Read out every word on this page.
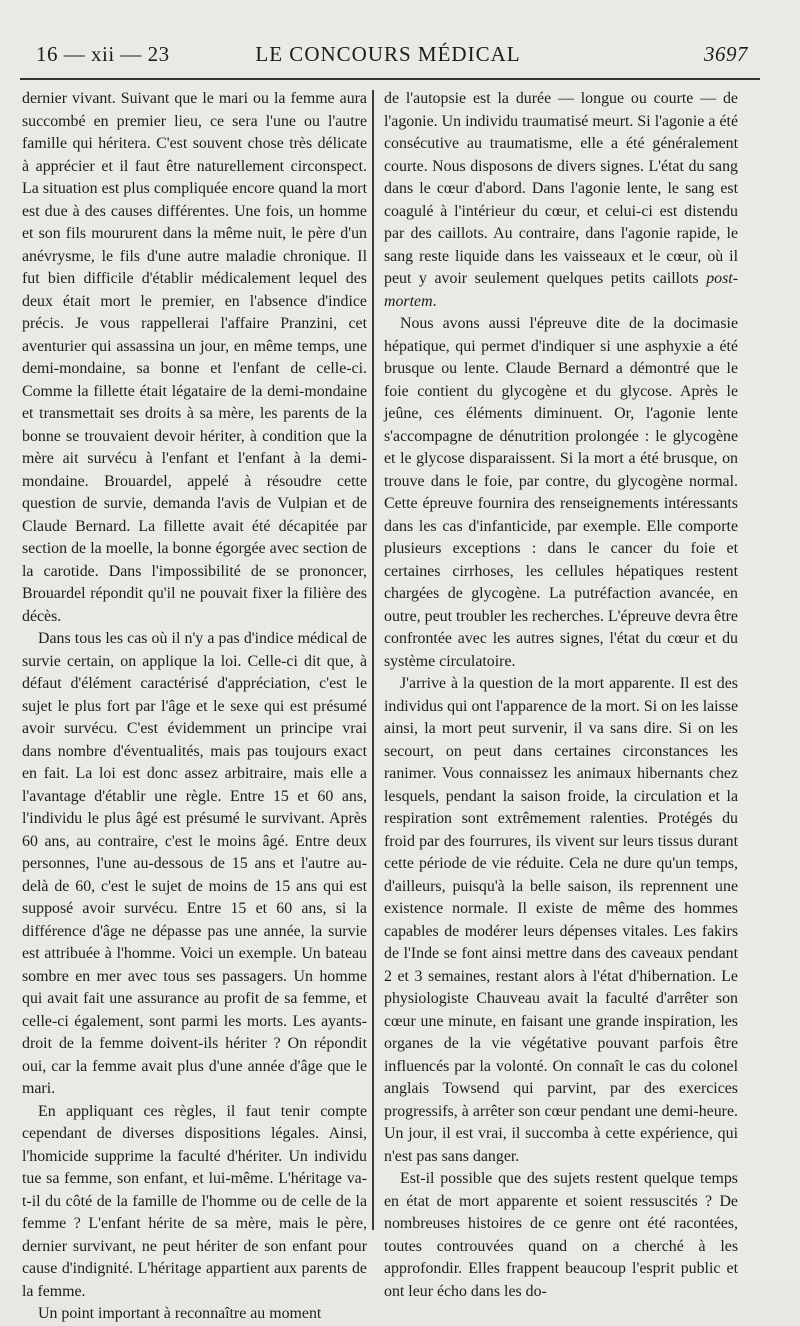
16 — xii — 23	LE CONCOURS MÉDICAL	3697

dernier vivant. Suivant que le mari ou la femme aura succombé en premier lieu, ce sera l'une ou l'autre famille qui héritera. C'est souvent chose très délicate à apprécier et il faut être naturellement circonspect. La situation est plus compliquée encore quand la mort est due à des causes différentes. Une fois, un homme et son fils moururent dans la même nuit, le père d'un anévrysme, le fils d'une autre maladie chronique. Il fut bien difficile d'établir médicalement lequel des deux était mort le premier, en l'absence d'indice précis. Je vous rappellerai l'affaire Pranzini, cet aventurier qui assassina un jour, en même temps, une demi-mondaine, sa bonne et l'enfant de celle-ci. Comme la fillette était légataire de la demi-mondaine et transmettait ses droits à sa mère, les parents de la bonne se trouvaient devoir hériter, à condition que la mère ait survécu à l'enfant et l'enfant à la demi-mondaine. Brouardel, appelé à résoudre cette question de survie, demanda l'avis de Vulpian et de Claude Bernard. La fillette avait été décapitée par section de la moelle, la bonne égorgée avec section de la carotide. Dans l'impossibilité de se prononcer, Brouardel répondit qu'il ne pouvait fixer la filière des décès.

Dans tous les cas où il n'y a pas d'indice médical de survie certain, on applique la loi. Celle-ci dit que, à défaut d'élément caractérisé d'appréciation, c'est le sujet le plus fort par l'âge et le sexe qui est présumé avoir survécu. C'est évidemment un principe vrai dans nombre d'éventualités, mais pas toujours exact en fait. La loi est donc assez arbitraire, mais elle a l'avantage d'établir une règle. Entre 15 et 60 ans, l'individu le plus âgé est présumé le survivant. Après 60 ans, au contraire, c'est le moins âgé. Entre deux personnes, l'une au-dessous de 15 ans et l'autre au-delà de 60, c'est le sujet de moins de 15 ans qui est supposé avoir survécu. Entre 15 et 60 ans, si la différence d'âge ne dépasse pas une année, la survie est attribuée à l'homme. Voici un exemple. Un bateau sombre en mer avec tous ses passagers. Un homme qui avait fait une assurance au profit de sa femme, et celle-ci également, sont parmi les morts. Les ayants-droit de la femme doivent-ils hériter ? On répondit oui, car la femme avait plus d'une année d'âge que le mari.

En appliquant ces règles, il faut tenir compte cependant de diverses dispositions légales. Ainsi, l'homicide supprime la faculté d'hériter. Un individu tue sa femme, son enfant, et lui-même. L'héritage va-t-il du côté de la famille de l'homme ou de celle de la femme ? L'enfant hérite de sa mère, mais le père, dernier survivant, ne peut hériter de son enfant pour cause d'indignité. L'héritage appartient aux parents de la femme.

Un point important à reconnaître au moment

de l'autopsie est la durée — longue ou courte — de l'agonie. Un individu traumatisé meurt. Si l'agonie a été consécutive au traumatisme, elle a été généralement courte. Nous disposons de divers signes. L'état du sang dans le cœur d'abord. Dans l'agonie lente, le sang est coagulé à l'intérieur du cœur, et celui-ci est distendu par des caillots. Au contraire, dans l'agonie rapide, le sang reste liquide dans les vaisseaux et le cœur, où il peut y avoir seulement quelques petits caillots post-mortem.

Nous avons aussi l'épreuve dite de la docimasie hépatique, qui permet d'indiquer si une asphyxie a été brusque ou lente. Claude Bernard a démontré que le foie contient du glycogène et du glycose. Après le jeûne, ces éléments diminuent. Or, l'agonie lente s'accompagne de dénutrition prolongée : le glycogène et le glycose disparaissent. Si la mort a été brusque, on trouve dans le foie, par contre, du glycogène normal. Cette épreuve fournira des renseignements intéressants dans les cas d'infanticide, par exemple. Elle comporte plusieurs exceptions : dans le cancer du foie et certaines cirrhoses, les cellules hépatiques restent chargées de glycogène. La putréfaction avancée, en outre, peut troubler les recherches. L'épreuve devra être confrontée avec les autres signes, l'état du cœur et du système circulatoire.

J'arrive à la question de la mort apparente. Il est des individus qui ont l'apparence de la mort. Si on les laisse ainsi, la mort peut survenir, il va sans dire. Si on les secourt, on peut dans certaines circonstances les ranimer. Vous connaissez les animaux hibernants chez lesquels, pendant la saison froide, la circulation et la respiration sont extrêmement ralenties. Protégés du froid par des fourrures, ils vivent sur leurs tissus durant cette période de vie réduite. Cela ne dure qu'un temps, d'ailleurs, puisqu'à la belle saison, ils reprennent une existence normale. Il existe de même des hommes capables de modérer leurs dépenses vitales. Les fakirs de l'Inde se font ainsi mettre dans des caveaux pendant 2 et 3 semaines, restant alors à l'état d'hibernation. Le physiologiste Chauveau avait la faculté d'arrêter son cœur une minute, en faisant une grande inspiration, les organes de la vie végétative pouvant parfois être influencés par la volonté. On connaît le cas du colonel anglais Towsend qui parvint, par des exercices progressifs, à arrêter son cœur pendant une demi-heure. Un jour, il est vrai, il succomba à cette expérience, qui n'est pas sans danger.

Est-il possible que des sujets restent quelque temps en état de mort apparente et soient ressuscités ? De nombreuses histoires de ce genre ont été racontées, toutes controuvées quand on a cherché à les approfondir. Elles frappent beaucoup l'esprit public et ont leur écho dans les do-
